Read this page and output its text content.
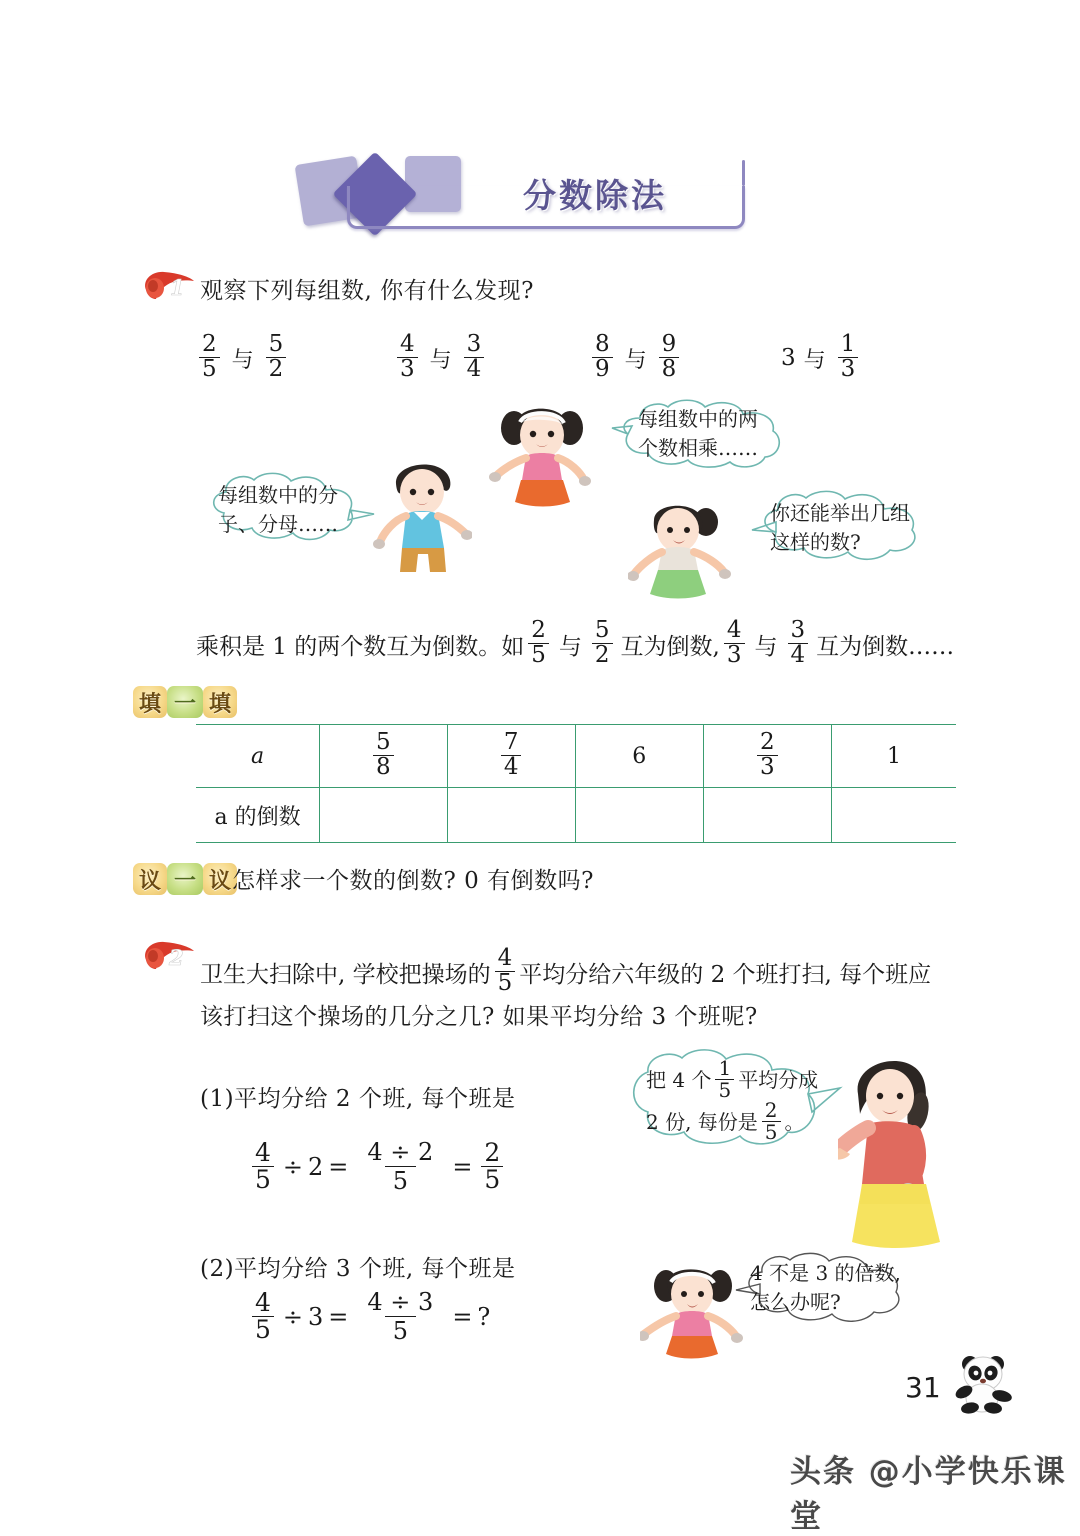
分数除法
1 观察下列每组数, 你有什么发现?
$\frac{2}{5}$ 与 $\frac{5}{2}$	$\frac{4}{3}$ 与 $\frac{3}{4}$	$\frac{8}{9}$ 与 $\frac{9}{8}$	3 与 $\frac{1}{3}$
每组数中的两
个数相乘……
每组数中的分
子、分母……	你还能举出几组
这样的数?
乘积是 1 的两个数互为倒数。如 $\frac{2}{5}$ 与 $\frac{5}{2}$ 互为倒数, $\frac{4}{3}$ 与 $\frac{3}{4}$ 互为倒数……
填 一 填
a	$\frac{5}{8}$	$\frac{7}{4}$	6	$\frac{2}{3}$	1
a 的倒数					
议 一 议 怎样求一个数的倒数? 0 有倒数吗?
2
卫生大扫除中, 学校把操场的 $\frac{4}{5}$ 平均分给六年级的 2 个班打扫, 每个班应
该打扫这个操场的几分之几? 如果平均分给 3 个班呢?
(1)平均分给 2 个班, 每个班是
$\frac{4}{5} \div 2 = \frac{4 \div 2}{5} = \frac{2}{5}$
把 4 个 $\frac{1}{5}$ 平均分成
2 份, 每份是 $\frac{2}{5}$ 。
(2)平均分给 3 个班, 每个班是
$\frac{4}{5} \div 3 = \frac{4 \div 3}{5}$ = ?
4 不是 3 的倍数,
怎么办呢?
31
头条 @小学快乐课堂
